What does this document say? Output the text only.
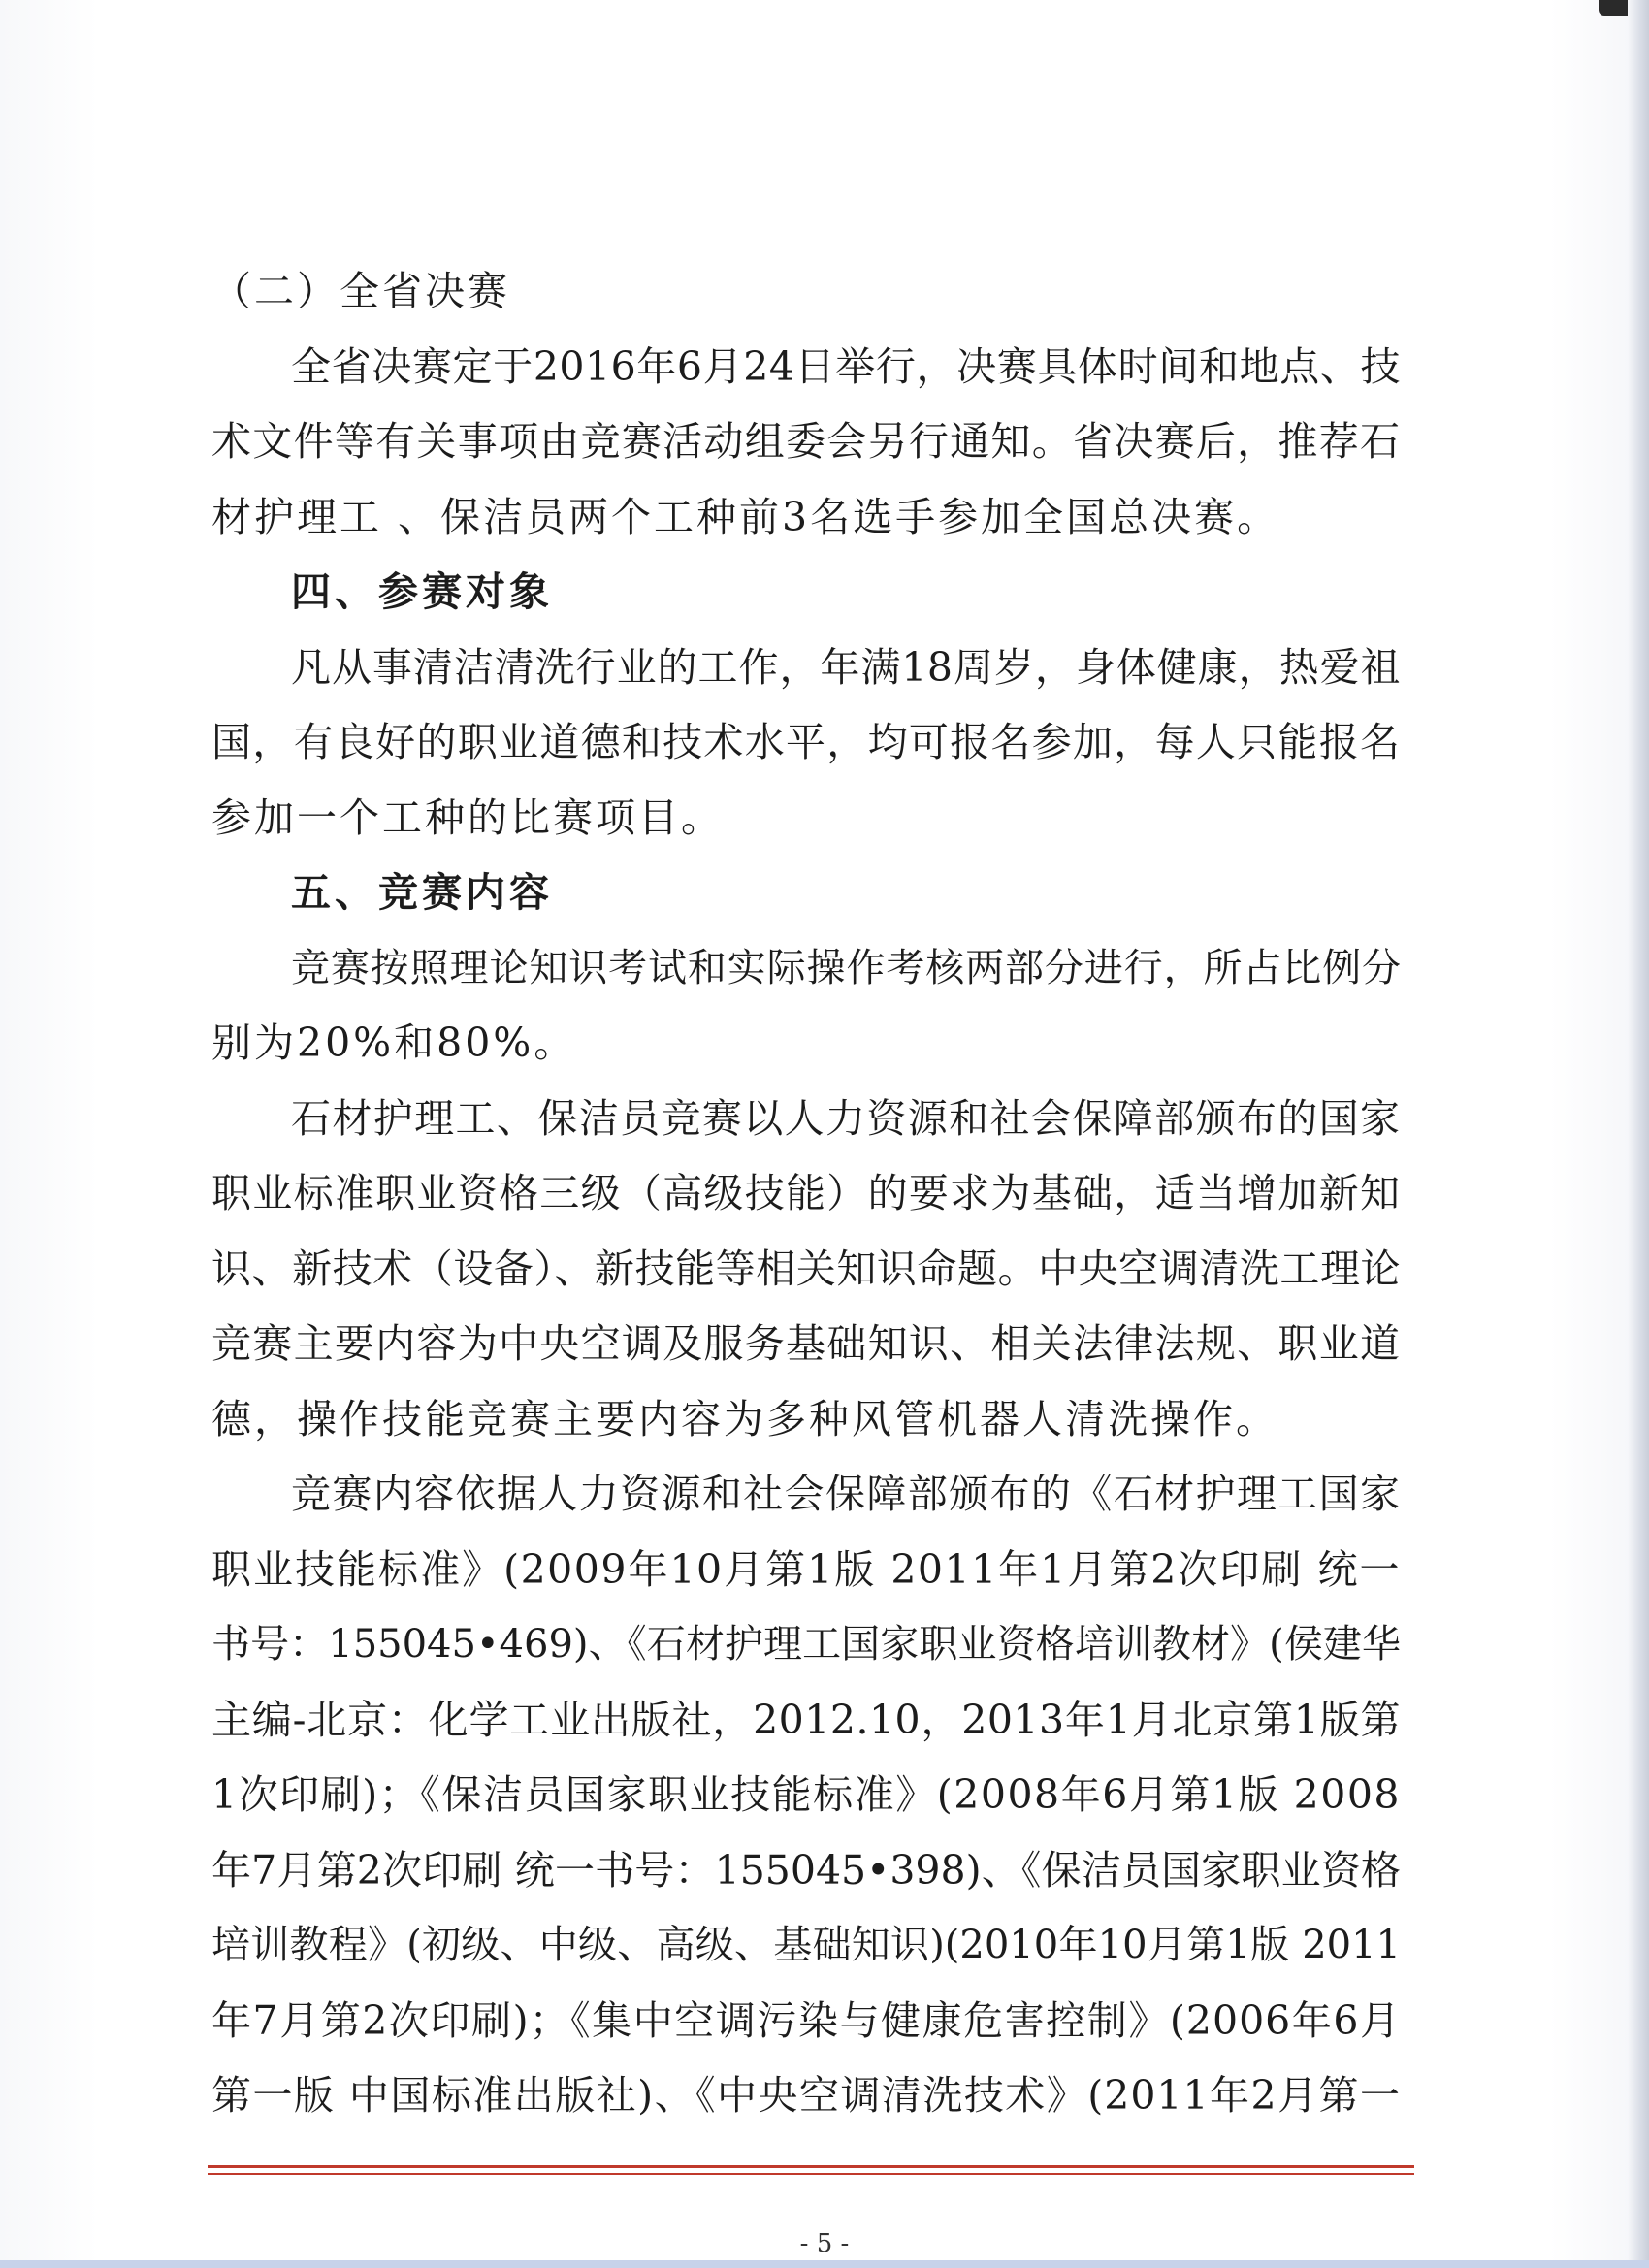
（二）全省决赛
全省决赛定于2016年6月24日举行，决赛具体时间和地点、技
术文件等有关事项由竞赛活动组委会另行通知。省决赛后，推荐石
材护理工 、保洁员两个工种前3名选手参加全国总决赛。
四、参赛对象
凡从事清洁清洗行业的工作，年满18周岁，身体健康，热爱祖
国，有良好的职业道德和技术水平，均可报名参加，每人只能报名
参加一个工种的比赛项目。
五、竞赛内容
竞赛按照理论知识考试和实际操作考核两部分进行，所占比例分
别为20%和80%。
石材护理工、保洁员竞赛以人力资源和社会保障部颁布的国家
职业标准职业资格三级（高级技能）的要求为基础，适当增加新知
识、新技术（设备）、新技能等相关知识命题。中央空调清洗工理论
竞赛主要内容为中央空调及服务基础知识、相关法律法规、职业道
德，操作技能竞赛主要内容为多种风管机器人清洗操作。
竞赛内容依据人力资源和社会保障部颁布的《石材护理工国家
职业技能标准》(2009年10月第1版 2011年1月第2次印刷 统一
书号：155045•469)、《石材护理工国家职业资格培训教材》(侯建华
主编-北京：化学工业出版社，2012.10，2013年1月北京第1版第
1次印刷)；《保洁员国家职业技能标准》(2008年6月第1版 2008
年7月第2次印刷 统一书号：155045•398)、《保洁员国家职业资格
培训教程》(初级、中级、高级、基础知识)(2010年10月第1版 2011
年7月第2次印刷)；《集中空调污染与健康危害控制》(2006年6月
第一版 中国标准出版社)、《中央空调清洗技术》(2011年2月第一
- 5 -
